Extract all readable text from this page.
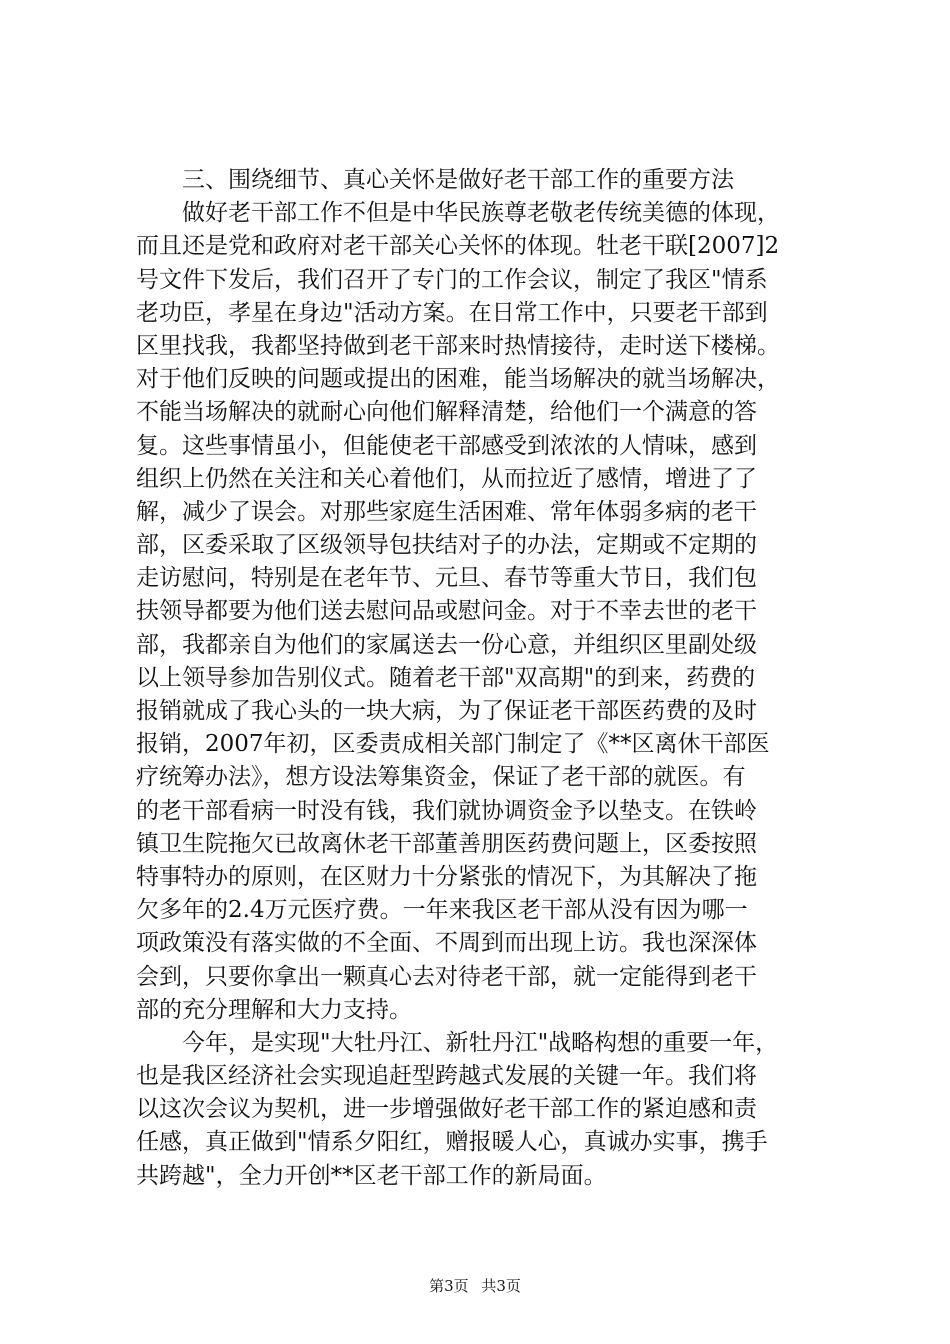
　　三、围绕细节、真心关怀是做好老干部工作的重要方法
　　做好老干部工作不但是中华民族尊老敬老传统美德的体现，
而且还是党和政府对老干部关心关怀的体现。牡老干联[2007]2
号文件下发后，我们召开了专门的工作会议，制定了我区"情系
老功臣，孝星在身边"活动方案。在日常工作中，只要老干部到
区里找我，我都坚持做到老干部来时热情接待，走时送下楼梯。
对于他们反映的问题或提出的困难，能当场解决的就当场解决，
不能当场解决的就耐心向他们解释清楚，给他们一个满意的答
复。这些事情虽小，但能使老干部感受到浓浓的人情味，感到
组织上仍然在关注和关心着他们，从而拉近了感情，增进了了
解，减少了误会。对那些家庭生活困难、常年体弱多病的老干
部，区委采取了区级领导包扶结对子的办法，定期或不定期的
走访慰问，特别是在老年节、元旦、春节等重大节日，我们包
扶领导都要为他们送去慰问品或慰问金。对于不幸去世的老干
部，我都亲自为他们的家属送去一份心意，并组织区里副处级
以上领导参加告别仪式。随着老干部"双高期"的到来，药费的
报销就成了我心头的一块大病，为了保证老干部医药费的及时
报销，2007年初，区委责成相关部门制定了《**区离休干部医
疗统筹办法》，想方设法筹集资金，保证了老干部的就医。有
的老干部看病一时没有钱，我们就协调资金予以垫支。在铁岭
镇卫生院拖欠已故离休老干部董善朋医药费问题上，区委按照
特事特办的原则，在区财力十分紧张的情况下，为其解决了拖
欠多年的2.4万元医疗费。一年来我区老干部从没有因为哪一
项政策没有落实做的不全面、不周到而出现上访。我也深深体
会到，只要你拿出一颗真心去对待老干部，就一定能得到老干
部的充分理解和大力支持。
　　今年，是实现"大牡丹江、新牡丹江"战略构想的重要一年，
也是我区经济社会实现追赶型跨越式发展的关键一年。我们将
以这次会议为契机，进一步增强做好老干部工作的紧迫感和责
任感，真正做到"情系夕阳红，赠报暖人心，真诚办实事，携手
共跨越"，全力开创**区老干部工作的新局面。
第3页 共3页
